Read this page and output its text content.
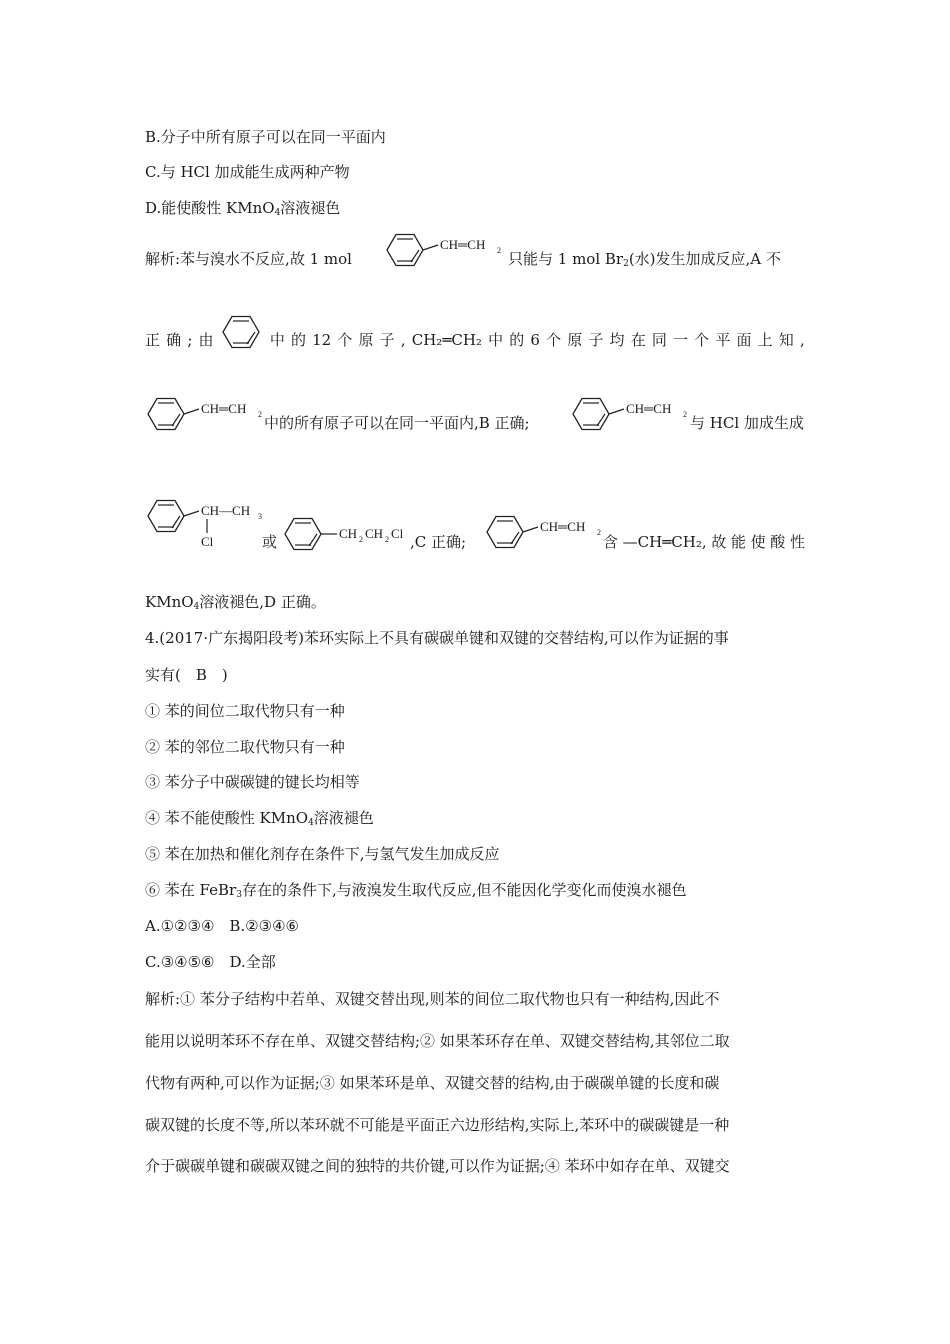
B.分子中所有原子可以在同一平面内
C.与 HCl 加成能生成两种产物
D.能使酸性 KMnO$_4$溶液褪色
解析:苯与溴水不反应,故 1 mol
CH═CH 2 只能与 1 mol $Br_2$(水)发生加成反应,A 不
正 确 ; 由	中 的 12 个 原 子 , CH₂═CH₂ 中 的 6 个 原 子 均 在 同 一 个 平 面 上 知 ,
CH═CH 2 中的所有原子可以在同一平面内,B 正确;
CH═CH 2 与 HCl 加成生成
CH—CH 3
Cl	或	CH 2 CH 2 Cl ,C 正确;
CH═CH 2
含 —CH═CH₂, 故 能 使 酸 性
KMnO$_4$溶液褪色,D 正确。
4.(2017·广东揭阳段考)苯环实际上不具有碳碳单键和双键的交替结构,可以作为证据的事
实有(　B　)
① 苯的间位二取代物只有一种
② 苯的邻位二取代物只有一种
③ 苯分子中碳碳键的键长均相等
④ 苯不能使酸性 KMnO$_4$溶液褪色
⑤ 苯在加热和催化剂存在条件下,与氢气发生加成反应
⑥ 苯在 FeBr$_3$存在的条件下,与液溴发生取代反应,但不能因化学变化而使溴水褪色
A.①②③④　B.②③④⑥
C.③④⑤⑥　D.全部
解析:① 苯分子结构中若单、双键交替出现,则苯的间位二取代物也只有一种结构,因此不
能用以说明苯环不存在单、双键交替结构;② 如果苯环存在单、双键交替结构,其邻位二取
代物有两种,可以作为证据;③ 如果苯环是单、双键交替的结构,由于碳碳单键的长度和碳
碳双键的长度不等,所以苯环就不可能是平面正六边形结构,实际上,苯环中的碳碳键是一种
介于碳碳单键和碳碳双键之间的独特的共价键,可以作为证据;④ 苯环中如存在单、双键交
